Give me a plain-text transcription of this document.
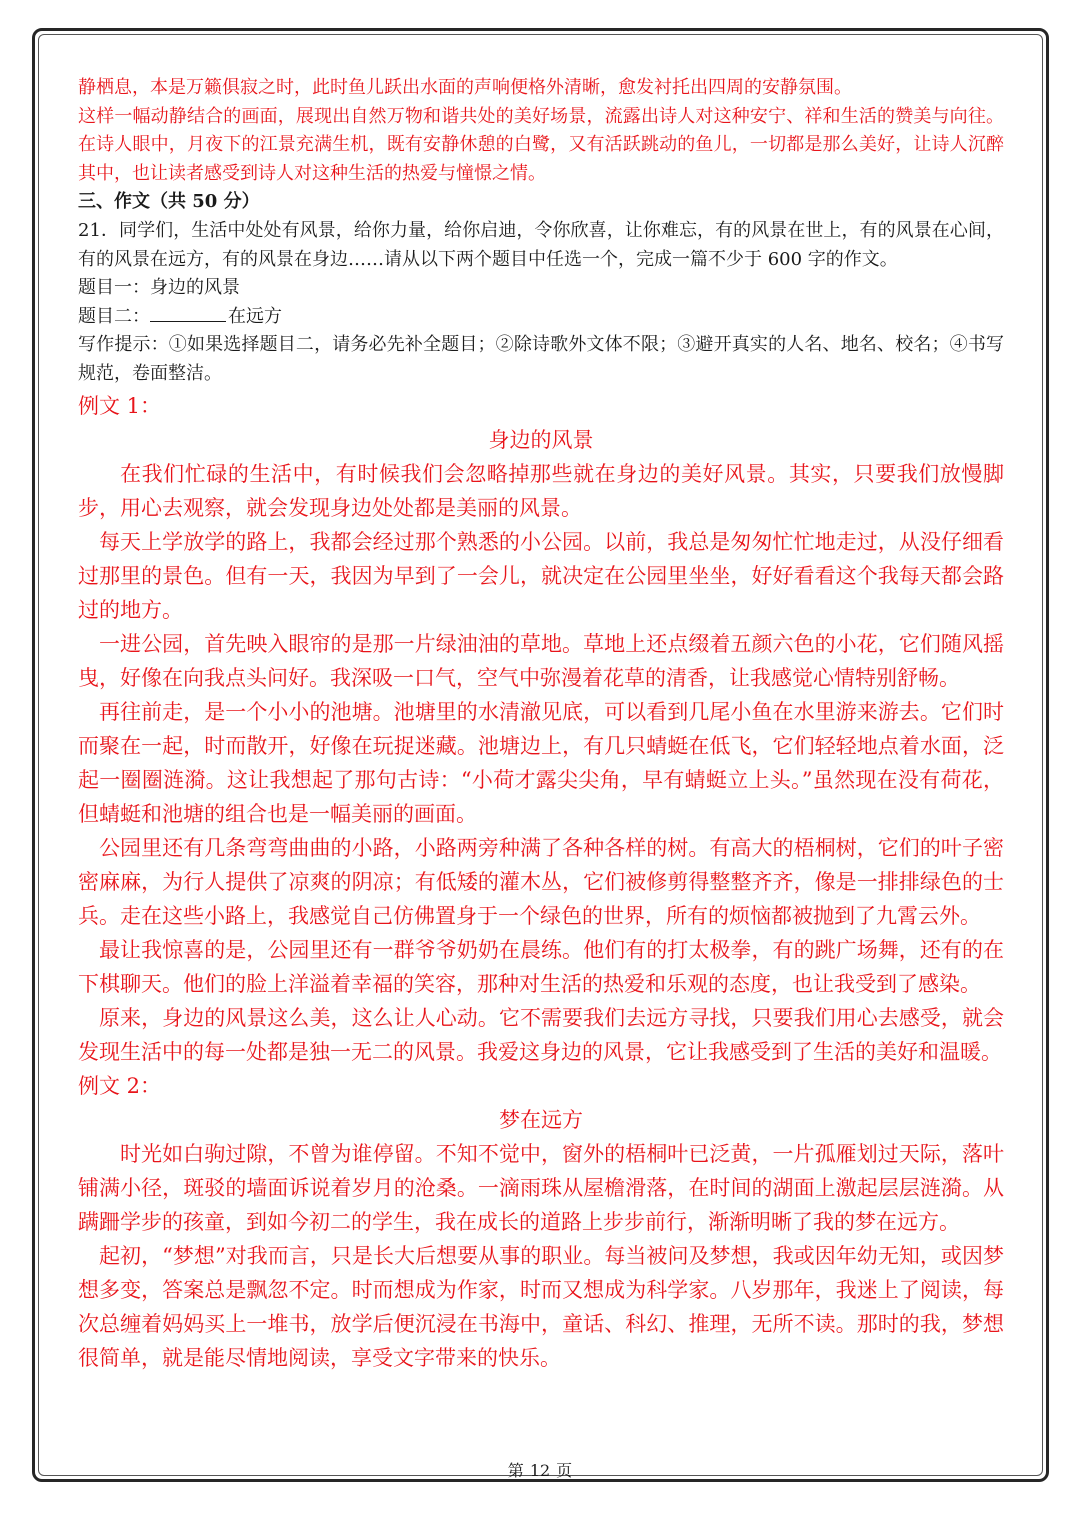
静栖息，本是万籁俱寂之时，此时鱼儿跃出水面的声响便格外清晰，愈发衬托出四周的安静氛围。

这样一幅动静结合的画面，展现出自然万物和谐共处的美好场景，流露出诗人对这种安宁、祥和生活的赞美与向往。在诗人眼中，月夜下的江景充满生机，既有安静休憩的白鹭，又有活跃跳动的鱼儿，一切都是那么美好，让诗人沉醉其中，也让读者感受到诗人对这种生活的热爱与憧憬之情。

三、作文（共 50 分）

21．同学们，生活中处处有风景，给你力量，给你启迪，令你欣喜，让你难忘，有的风景在世上，有的风景在心间，有的风景在远方，有的风景在身边……请从以下两个题目中任选一个，完成一篇不少于 600 字的作文。

题目一：身边的风景

题目二：	在远方

写作提示：①如果选择题目二，请务必先补全题目；②除诗歌外文体不限；③避开真实的人名、地名、校名；④书写规范，卷面整洁。

例文 1：

身边的风景

在我们忙碌的生活中，有时候我们会忽略掉那些就在身边的美好风景。其实，只要我们放慢脚步，用心去观察，就会发现身边处处都是美丽的风景。

每天上学放学的路上，我都会经过那个熟悉的小公园。以前，我总是匆匆忙忙地走过，从没仔细看过那里的景色。但有一天，我因为早到了一会儿，就决定在公园里坐坐，好好看看这个我每天都会路过的地方。

一进公园，首先映入眼帘的是那一片绿油油的草地。草地上还点缀着五颜六色的小花，它们随风摇曳，好像在向我点头问好。我深吸一口气，空气中弥漫着花草的清香，让我感觉心情特别舒畅。

再往前走，是一个小小的池塘。池塘里的水清澈见底，可以看到几尾小鱼在水里游来游去。它们时而聚在一起，时而散开，好像在玩捉迷藏。池塘边上，有几只蜻蜓在低飞，它们轻轻地点着水面，泛起一圈圈涟漪。这让我想起了那句古诗：“小荷才露尖尖角，早有蜻蜓立上头。”虽然现在没有荷花，但蜻蜓和池塘的组合也是一幅美丽的画面。

公园里还有几条弯弯曲曲的小路，小路两旁种满了各种各样的树。有高大的梧桐树，它们的叶子密密麻麻，为行人提供了凉爽的阴凉；有低矮的灌木丛，它们被修剪得整整齐齐，像是一排排绿色的士兵。走在这些小路上，我感觉自己仿佛置身于一个绿色的世界，所有的烦恼都被抛到了九霄云外。

最让我惊喜的是，公园里还有一群爷爷奶奶在晨练。他们有的打太极拳，有的跳广场舞，还有的在下棋聊天。他们的脸上洋溢着幸福的笑容，那种对生活的热爱和乐观的态度，也让我受到了感染。

原来，身边的风景这么美，这么让人心动。它不需要我们去远方寻找，只要我们用心去感受，就会发现生活中的每一处都是独一无二的风景。我爱这身边的风景，它让我感受到了生活的美好和温暖。

例文 2：

梦在远方

时光如白驹过隙，不曾为谁停留。不知不觉中，窗外的梧桐叶已泛黄，一片孤雁划过天际，落叶铺满小径，斑驳的墙面诉说着岁月的沧桑。一滴雨珠从屋檐滑落，在时间的湖面上激起层层涟漪。从蹒跚学步的孩童，到如今初二的学生，我在成长的道路上步步前行，渐渐明晰了我的梦在远方。

起初，“梦想”对我而言，只是长大后想要从事的职业。每当被问及梦想，我或因年幼无知，或因梦想多变，答案总是飘忽不定。时而想成为作家，时而又想成为科学家。八岁那年，我迷上了阅读，每次总缠着妈妈买上一堆书，放学后便沉浸在书海中，童话、科幻、推理，无所不读。那时的我，梦想很简单，就是能尽情地阅读，享受文字带来的快乐。

第 12 页
